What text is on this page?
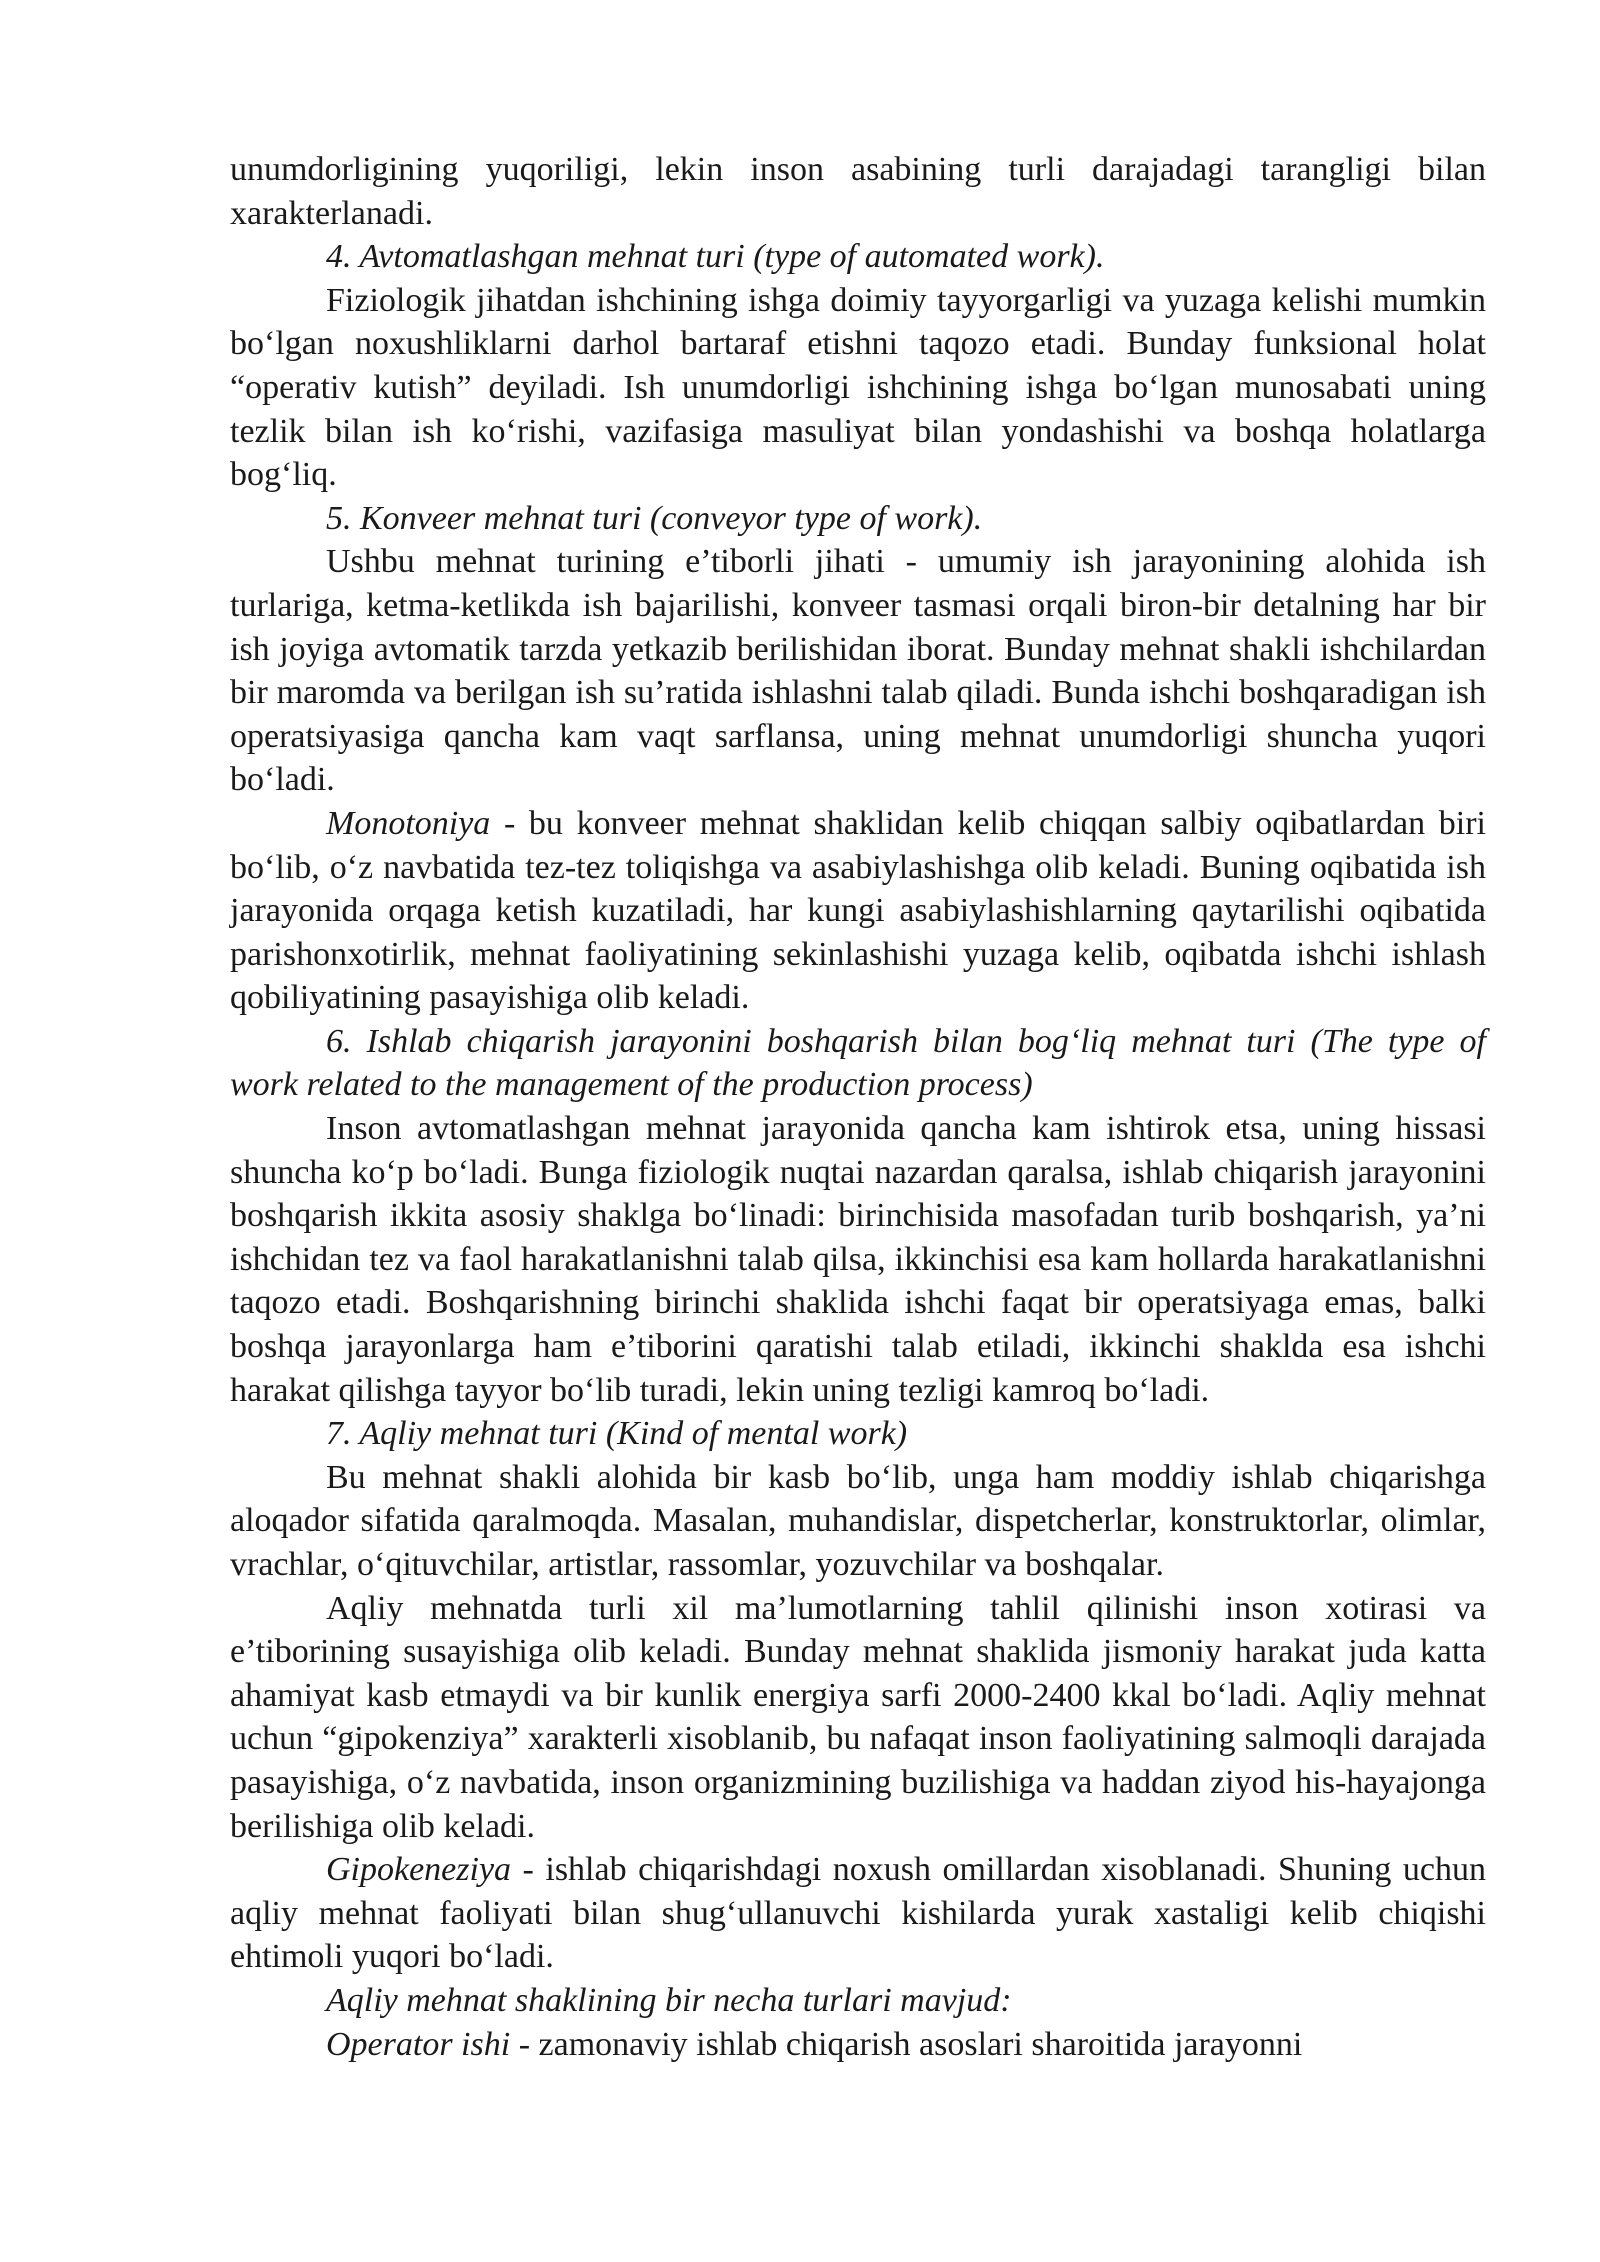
unumdorligining yuqoriligi, lekin inson asabining turli darajadagi tarangligi bilan xarakterlanadi.

4. Avtomatlashgan mehnat turi (type of automated work).

Fiziologik jihatdan ishchining ishga doimiy tayyorgarligi va yuzaga kelishi mumkin boʻlgan noxushliklarni darhol bartaraf etishni taqozo etadi. Bunday funksional holat “operativ kutish” deyiladi. Ish unumdorligi ishchining ishga boʻlgan munosabati uning tezlik bilan ish koʻrishi, vazifasiga masuliyat bilan yondashishi va boshqa holatlarga bogʻliq.

5. Konveer mehnat turi (conveyor type of work).

Ushbu mehnat turining e’tiborli jihati - umumiy ish jarayonining alohida ish turlariga, ketma-ketlikda ish bajarilishi, konveer tasmasi orqali biron-bir detalning har bir ish joyiga avtomatik tarzda yetkazib berilishidan iborat. Bunday mehnat shakli ishchilardan bir maromda va berilgan ish su’ratida ishlashni talab qiladi. Bunda ishchi boshqaradigan ish operatsiyasiga qancha kam vaqt sarflansa, uning mehnat unumdorligi shuncha yuqori boʻladi.

Monotoniya - bu konveer mehnat shaklidan kelib chiqqan salbiy oqibatlardan biri boʻlib, oʻz navbatida tez-tez toliqishga va asabiylashishga olib keladi. Buning oqibatida ish jarayonida orqaga ketish kuzatiladi, har kungi asabiylashishlarning qaytarilishi oqibatida parishonxotirlik, mehnat faoliyatining sekinlashishi yuzaga kelib, oqibatda ishchi ishlash qobiliyatining pasayishiga olib keladi.

6. Ishlab chiqarish jarayonini boshqarish bilan bogʻliq mehnat turi (The type of work related to the management of the production process)

Inson avtomatlashgan mehnat jarayonida qancha kam ishtirok etsa, uning hissasi shuncha koʻp boʻladi. Bunga fiziologik nuqtai nazardan qaralsa, ishlab chiqarish jarayonini boshqarish ikkita asosiy shaklga boʻlinadi: birinchisida masofadan turib boshqarish, ya’ni ishchidan tez va faol harakatlanishni talab qilsa, ikkinchisi esa kam hollarda harakatlanishni taqozo etadi. Boshqarishning birinchi shaklida ishchi faqat bir operatsiyaga emas, balki boshqa jarayonlarga ham e’tiborini qaratishi talab etiladi, ikkinchi shaklda esa ishchi harakat qilishga tayyor boʻlib turadi, lekin uning tezligi kamroq boʻladi.

7. Aqliy mehnat turi (Kind of mental work)

Bu mehnat shakli alohida bir kasb boʻlib, unga ham moddiy ishlab chiqarishga aloqador sifatida qaralmoqda. Masalan, muhandislar, dispetcherlar, konstruktorlar, olimlar, vrachlar, oʻqituvchilar, artistlar, rassomlar, yozuvchilar va boshqalar.

Aqliy mehnatda turli xil ma’lumotlarning tahlil qilinishi inson xotirasi va e’tiborining susayishiga olib keladi. Bunday mehnat shaklida jismoniy harakat juda katta ahamiyat kasb etmaydi va bir kunlik energiya sarfi 2000-2400 kkal boʻladi. Aqliy mehnat uchun “gipokenziya” xarakterli xisoblanib, bu nafaqat inson faoliyatining salmoqli darajada pasayishiga, oʻz navbatida, inson organizmining buzilishiga va haddan ziyod his-hayajonga berilishiga olib keladi.

Gipokeneziya - ishlab chiqarishdagi noxush omillardan xisoblanadi. Shuning uchun aqliy mehnat faoliyati bilan shugʻullanuvchi kishilarda yurak xastaligi kelib chiqishi ehtimoli yuqori boʻladi.

Aqliy mehnat shaklining bir necha turlari mavjud:

Operator ishi - zamonaviy ishlab chiqarish asoslari sharoitida jarayonni
